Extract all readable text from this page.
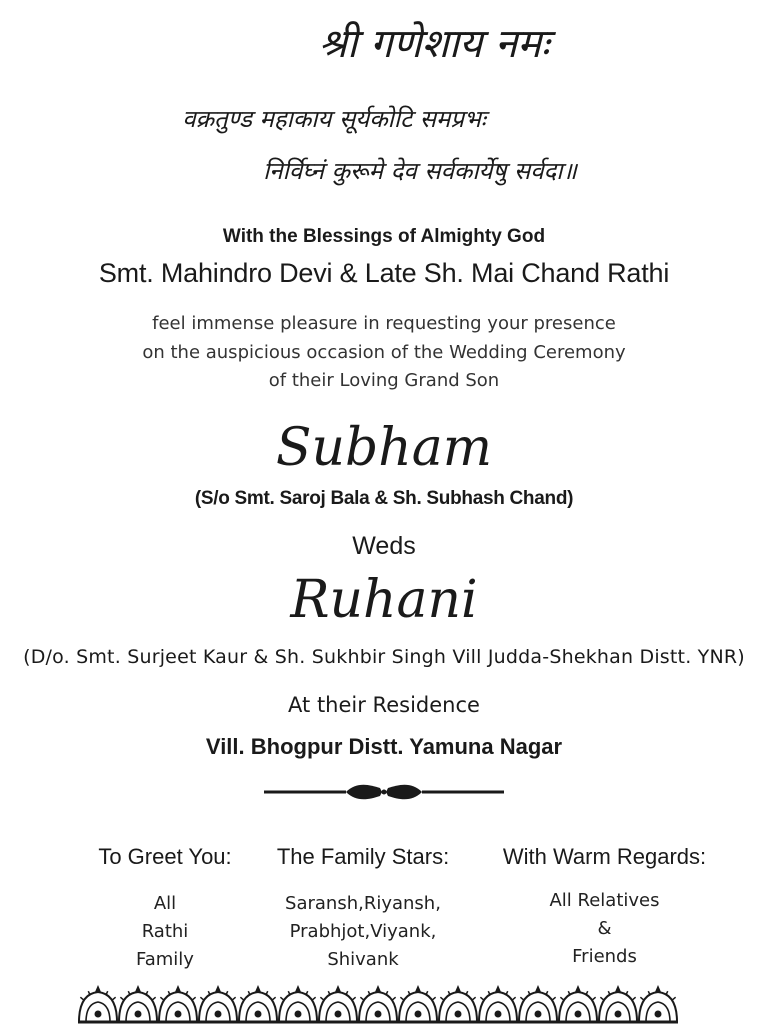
श्री गणेशाय नमः
वक्रतुण्ड महाकाय सूर्यकोटि समप्रभः
निर्विघ्नं कुरूमे देव सर्वकार्येषु सर्वदा॥
With the Blessings of Almighty God
Smt. Mahindro Devi & Late Sh. Mai Chand Rathi
feel immense pleasure in requesting your presence
on the auspicious occasion of the Wedding Ceremony
of their Loving Grand Son
Subham
(S/o Smt. Saroj Bala & Sh. Subhash Chand)
Weds
Ruhani
(D/o. Smt. Surjeet Kaur & Sh. Sukhbir Singh Vill Judda-Shekhan Distt. YNR)
At their Residence
Vill. Bhogpur Distt. Yamuna Nagar
To Greet You:
All
Rathi
Family
The Family Stars:
Saransh,Riyansh,
Prabhjot,Viyank,
Shivank
With Warm Regards:
All Relatives
&
Friends
